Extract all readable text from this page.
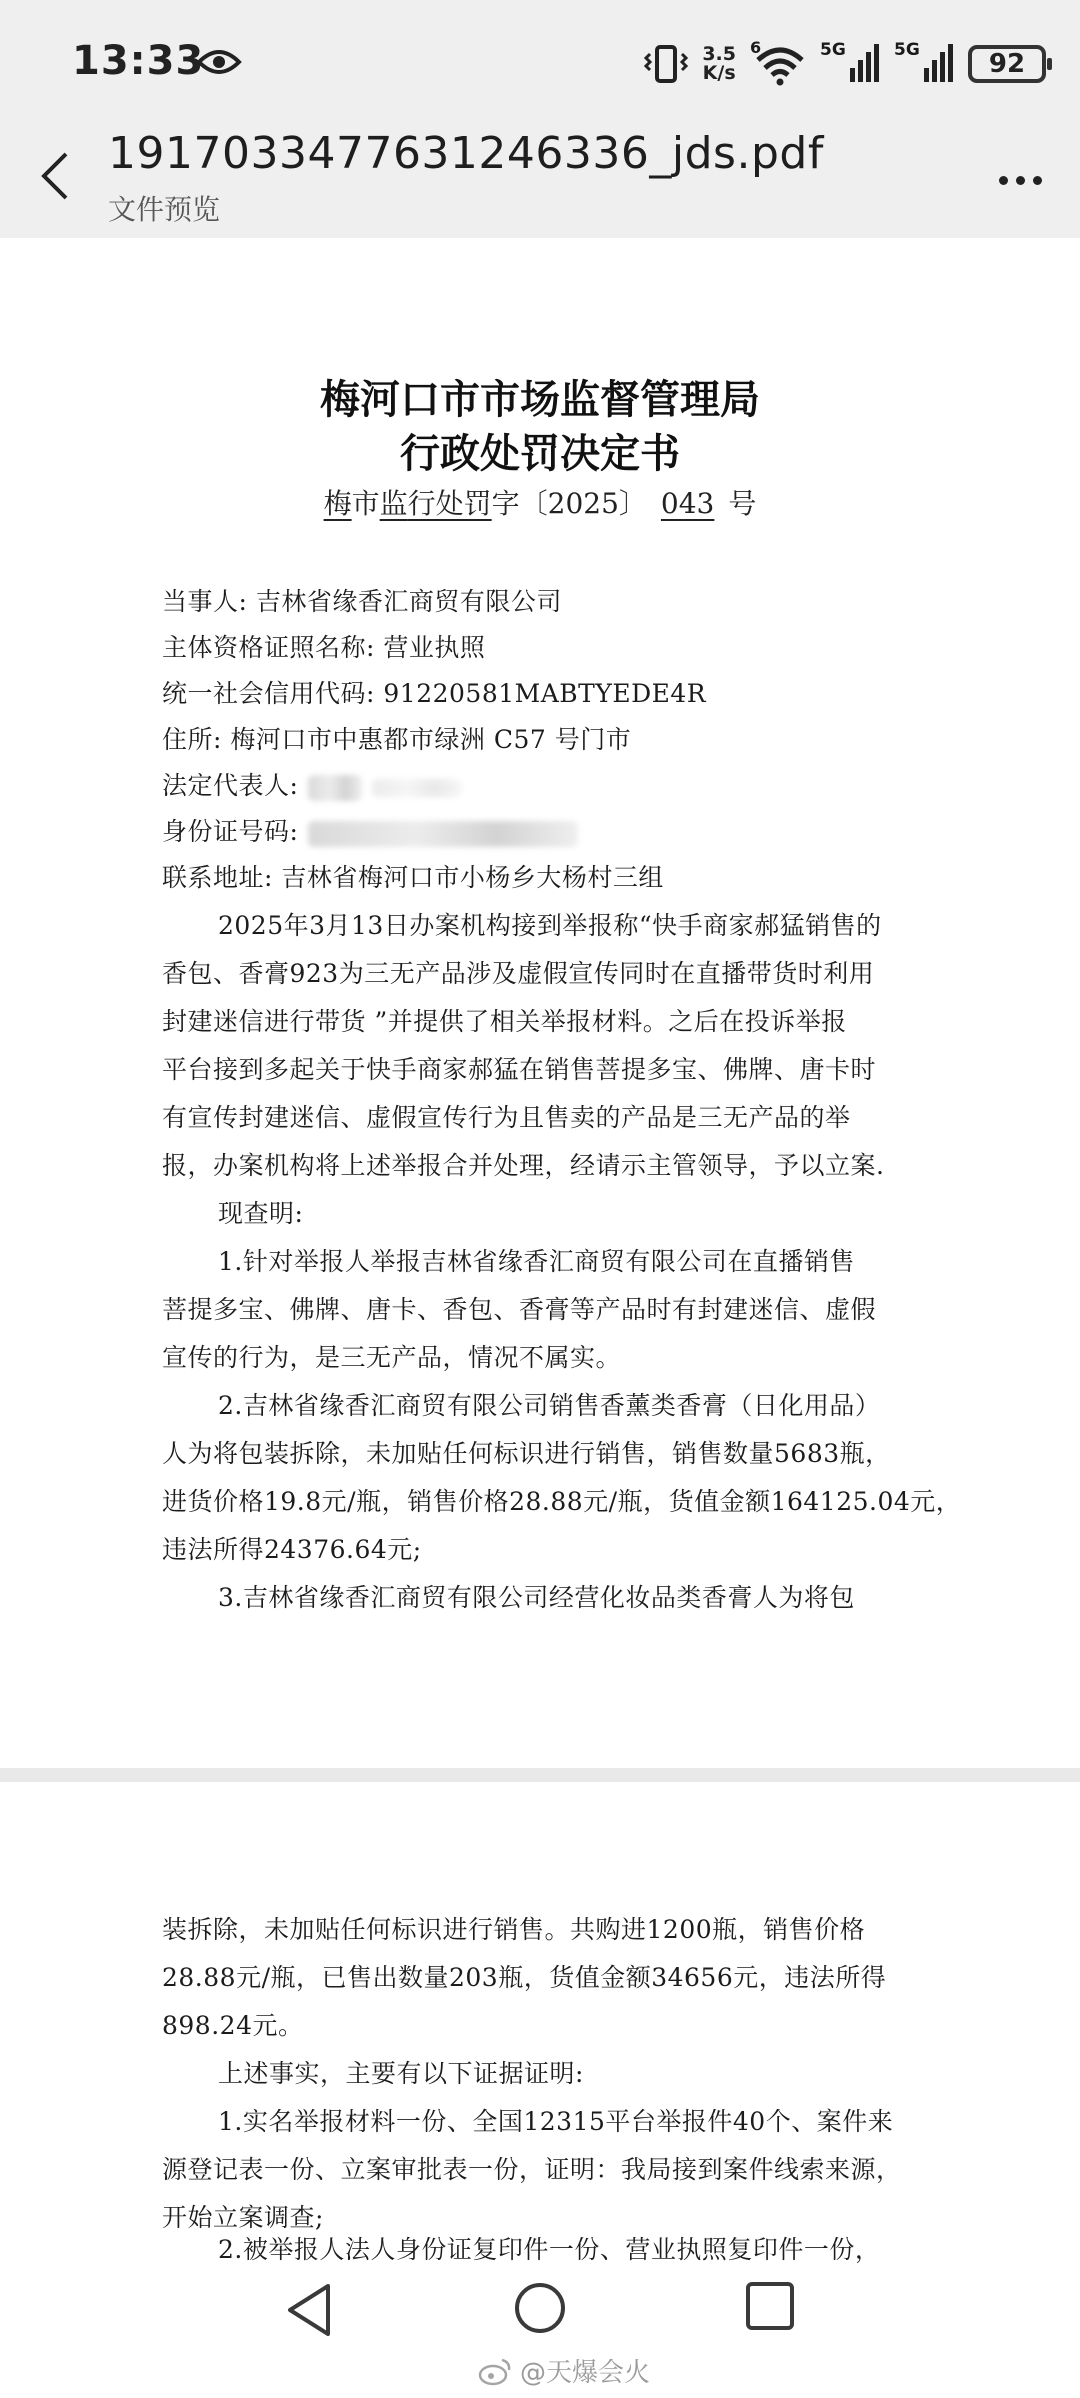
13:33	3.5
K/s
6	5G	5G	92
1917033477631246336_jds.pdf
文件预览
梅河口市市场监督管理局
行政处罚决定书
梅市监行处罚字〔2025〕 043 号
当事人: 吉林省缘香汇商贸有限公司
主体资格证照名称: 营业执照
统一社会信用代码: 91220581MABTYEDE4R
住所: 梅河口市中惠都市绿洲 C57 号门市
法定代表人:
身份证号码:
联系地址: 吉林省梅河口市小杨乡大杨村三组
2025年3月13日办案机构接到举报称“快手商家郝猛销售的
香包、香膏923为三无产品涉及虚假宣传同时在直播带货时利用
封建迷信进行带货 ”并提供了相关举报材料。之后在投诉举报
平台接到多起关于快手商家郝猛在销售菩提多宝、佛牌、唐卡时
有宣传封建迷信、虚假宣传行为且售卖的产品是三无产品的举
报，办案机构将上述举报合并处理，经请示主管领导，予以立案.
现查明:
1.针对举报人举报吉林省缘香汇商贸有限公司在直播销售
菩提多宝、佛牌、唐卡、香包、香膏等产品时有封建迷信、虚假
宣传的行为，是三无产品，情况不属实。
2.吉林省缘香汇商贸有限公司销售香薰类香膏（日化用品）
人为将包装拆除，未加贴任何标识进行销售，销售数量5683瓶，
进货价格19.8元/瓶，销售价格28.88元/瓶，货值金额164125.04元，
违法所得24376.64元;
3.吉林省缘香汇商贸有限公司经营化妆品类香膏人为将包
装拆除，未加贴任何标识进行销售。共购进1200瓶，销售价格
28.88元/瓶，已售出数量203瓶，货值金额34656元，违法所得
898.24元。
上述事实，主要有以下证据证明:
1.实名举报材料一份、全国12315平台举报件40个、案件来
源登记表一份、立案审批表一份，证明：我局接到案件线索来源，
开始立案调查;
2.被举报人法人身份证复印件一份、营业执照复印件一份，
@天爆会火
